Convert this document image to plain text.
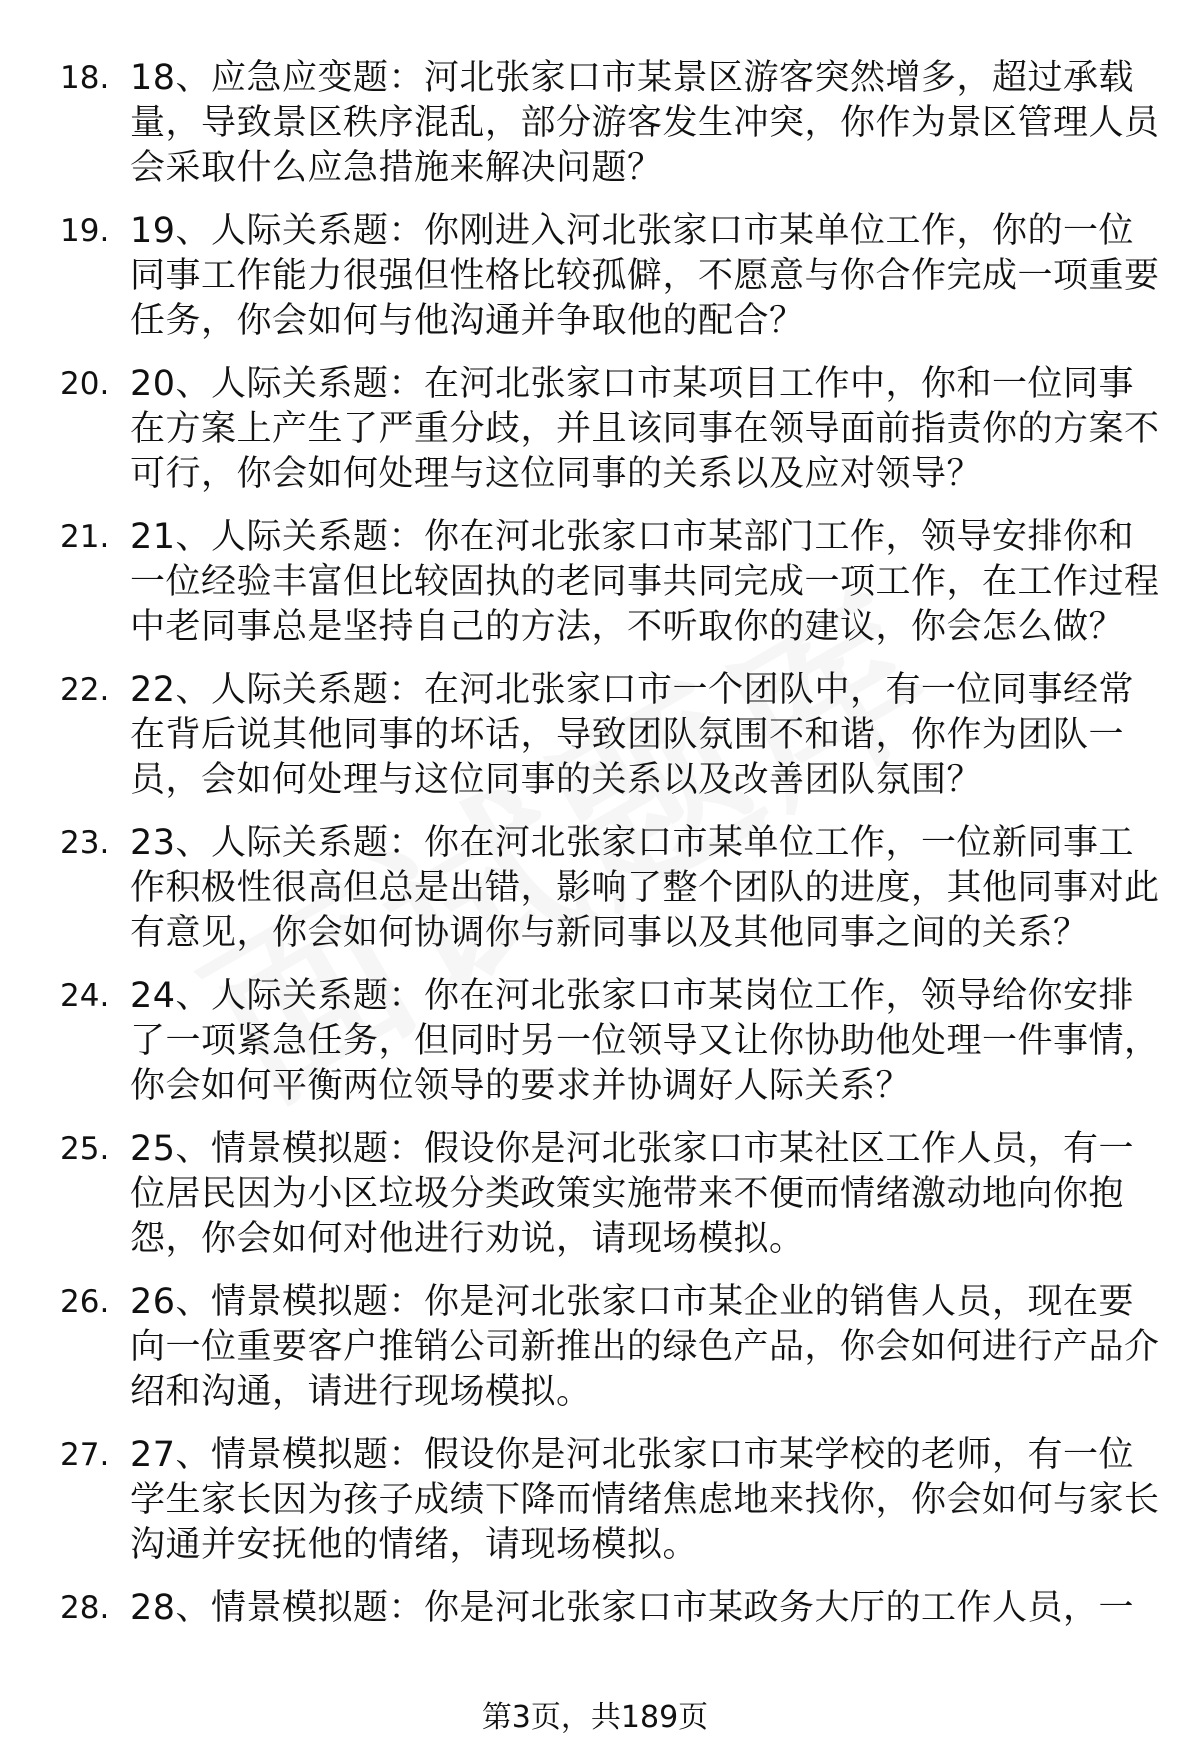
18. 18、应急应变题：河北张家口市某景区游客突然增多，超过承载量，导致景区秩序混乱，部分游客发生冲突，你作为景区管理人员会采取什么应急措施来解决问题？
19. 19、人际关系题：你刚进入河北张家口市某单位工作，你的一位同事工作能力很强但性格比较孤僻，不愿意与你合作完成一项重要任务，你会如何与他沟通并争取他的配合？
20. 20、人际关系题：在河北张家口市某项目工作中，你和一位同事在方案上产生了严重分歧，并且该同事在领导面前指责你的方案不可行，你会如何处理与这位同事的关系以及应对领导？
21. 21、人际关系题：你在河北张家口市某部门工作，领导安排你和一位经验丰富但比较固执的老同事共同完成一项工作，在工作过程中老同事总是坚持自己的方法，不听取你的建议，你会怎么做？
22. 22、人际关系题：在河北张家口市一个团队中，有一位同事经常在背后说其他同事的坏话，导致团队氛围不和谐，你作为团队一员，会如何处理与这位同事的关系以及改善团队氛围？
23. 23、人际关系题：你在河北张家口市某单位工作，一位新同事工作积极性很高但总是出错，影响了整个团队的进度，其他同事对此有意见，你会如何协调你与新同事以及其他同事之间的关系？
24. 24、人际关系题：你在河北张家口市某岗位工作，领导给你安排了一项紧急任务，但同时另一位领导又让你协助他处理一件事情，你会如何平衡两位领导的要求并协调好人际关系？
25. 25、情景模拟题：假设你是河北张家口市某社区工作人员，有一位居民因为小区垃圾分类政策实施带来不便而情绪激动地向你抱怨，你会如何对他进行劝说，请现场模拟。
26. 26、情景模拟题：你是河北张家口市某企业的销售人员，现在要向一位重要客户推销公司新推出的绿色产品，你会如何进行产品介绍和沟通，请进行现场模拟。
27. 27、情景模拟题：假设你是河北张家口市某学校的老师，有一位学生家长因为孩子成绩下降而情绪焦虑地来找你，你会如何与家长沟通并安抚他的情绪，请现场模拟。
28. 28、情景模拟题：你是河北张家口市某政务大厅的工作人员，一
第3页，共189页
